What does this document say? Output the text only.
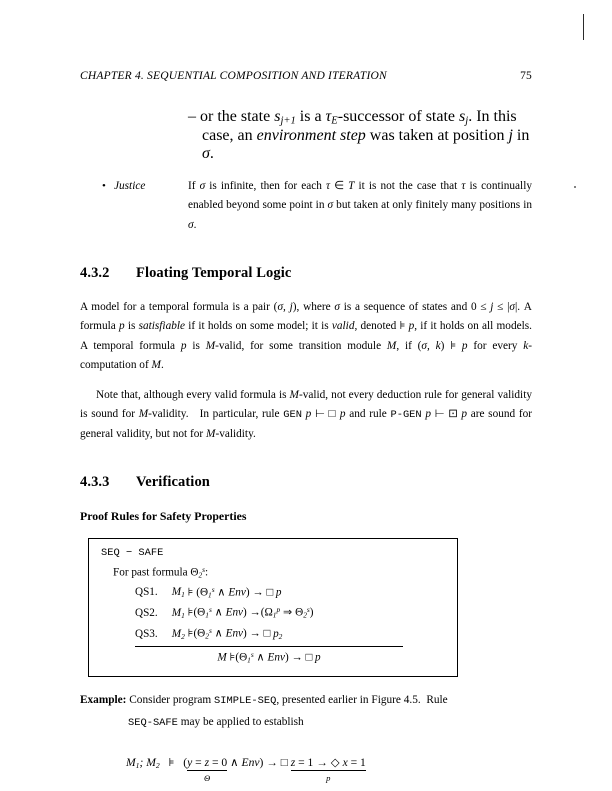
CHAPTER 4. SEQUENTIAL COMPOSITION AND ITERATION	75

– or the state $s_{j+1}$ is a $\tau_E$-successor of state $s_j$. In this case, an environment step was taken at position j in σ.

• Justice	If σ is infinite, then for each τ ∈ T it is not the case that τ is continually enabled beyond some point in σ but taken at only finitely many positions in σ.
4.3.2 Floating Temporal Logic

A model for a temporal formula is a pair (σ, j), where σ is a sequence of states and 0 ≤ j ≤ |σ|. A formula p is satisfiable if it holds on some model; it is valid, denoted ⊧ p, if it holds on all models. A temporal formula p is M-valid, for some transition module M, if (σ, k) ⊧ p for every k-computation of M.

Note that, although every valid formula is M-valid, not every deduction rule for general validity is sound for M-validity.   In particular, rule GEN p ⊢ □ p and rule P-GEN p ⊢ ⊡ p are sound for general validity, but not for M-validity.

4.3.3 Verification
Proof Rules for Safety Properties
SEQ − SAFE
For past formula $\Theta_2^s$:
QS1. $M_1$ ⊧ ($\Theta_1^s$ ∧ Env) → □ p
QS2. $M_1$ $⊧(\Theta_1^s$ ∧ $Env) \to(\Omega_1^p$ ⇒ $\Theta_2^s$)
QS3. $M_2$ $⊧(\Theta_2^s$ ∧ Env) → □ $p_2$
M $⊧(\Theta_1^s$ ∧ Env) → □ p
Example: Consider program SIMPLE-SEQ, presented earlier in Figure 4.5.  Rule
SEQ-SAFE may be applied to establish
$M_1$; $M_2$ ⊧   ( y = z = 0
Θ
∧ Env) → □ z = 1 → ◇ x = 1
p
